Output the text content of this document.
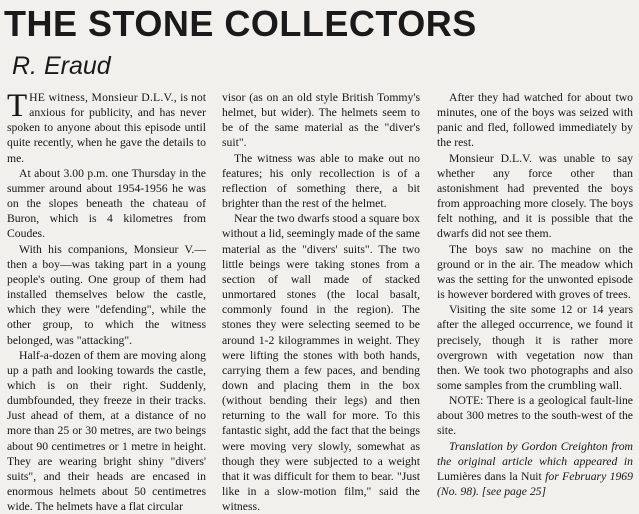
THE STONE COLLECTORS
R. Eraud

THE witness, Monsieur D.L.V., is not anxious for publicity, and has never spoken to anyone about this episode until quite recently, when he gave the details to me.

At about 3.00 p.m. one Thursday in the summer around about 1954-1956 he was on the slopes beneath the chateau of Buron, which is 4 kilometres from Coudes.

With his companions, Monsieur V.—then a boy—was taking part in a young people's outing. One group of them had installed themselves below the castle, which they were "defending", while the other group, to which the witness belonged, was "attacking".

Half-a-dozen of them are moving along up a path and looking towards the castle, which is on their right. Suddenly, dumbfounded, they freeze in their tracks. Just ahead of them, at a distance of no more than 25 or 30 metres, are two beings about 90 centimetres or 1 metre in height. They are wearing bright shiny "divers' suits", and their heads are encased in enormous helmets about 50 centimetres wide. The helmets have a flat circular

visor (as on an old style British Tommy's helmet, but wider). The helmets seem to be of the same material as the "diver's suit".

The witness was able to make out no features; his only recollection is of a reflection of something there, a bit brighter than the rest of the helmet.

Near the two dwarfs stood a square box without a lid, seemingly made of the same material as the "divers' suits". The two little beings were taking stones from a section of wall made of stacked unmortared stones (the local basalt, commonly found in the region). The stones they were selecting seemed to be around 1-2 kilogrammes in weight. They were lifting the stones with both hands, carrying them a few paces, and bending down and placing them in the box (without bending their legs) and then returning to the wall for more. To this fantastic sight, add the fact that the beings were moving very slowly, somewhat as though they were subjected to a weight that it was difficult for them to bear. "Just like in a slow-motion film," said the witness.

After they had watched for about two minutes, one of the boys was seized with panic and fled, followed immediately by the rest.

Monsieur D.L.V. was unable to say whether any force other than astonishment had prevented the boys from approaching more closely. The boys felt nothing, and it is possible that the dwarfs did not see them.

The boys saw no machine on the ground or in the air. The meadow which was the setting for the unwonted episode is however bordered with groves of trees.

Visiting the site some 12 or 14 years after the alleged occurrence, we found it precisely, though it is rather more overgrown with vegetation now than then. We took two photographs and also some samples from the crumbling wall.

NOTE: There is a geological fault-line about 300 metres to the south-west of the site.

Translation by Gordon Creighton from the original article which appeared in Lumières dans la Nuit for February 1969 (No. 98). [see page 25]
